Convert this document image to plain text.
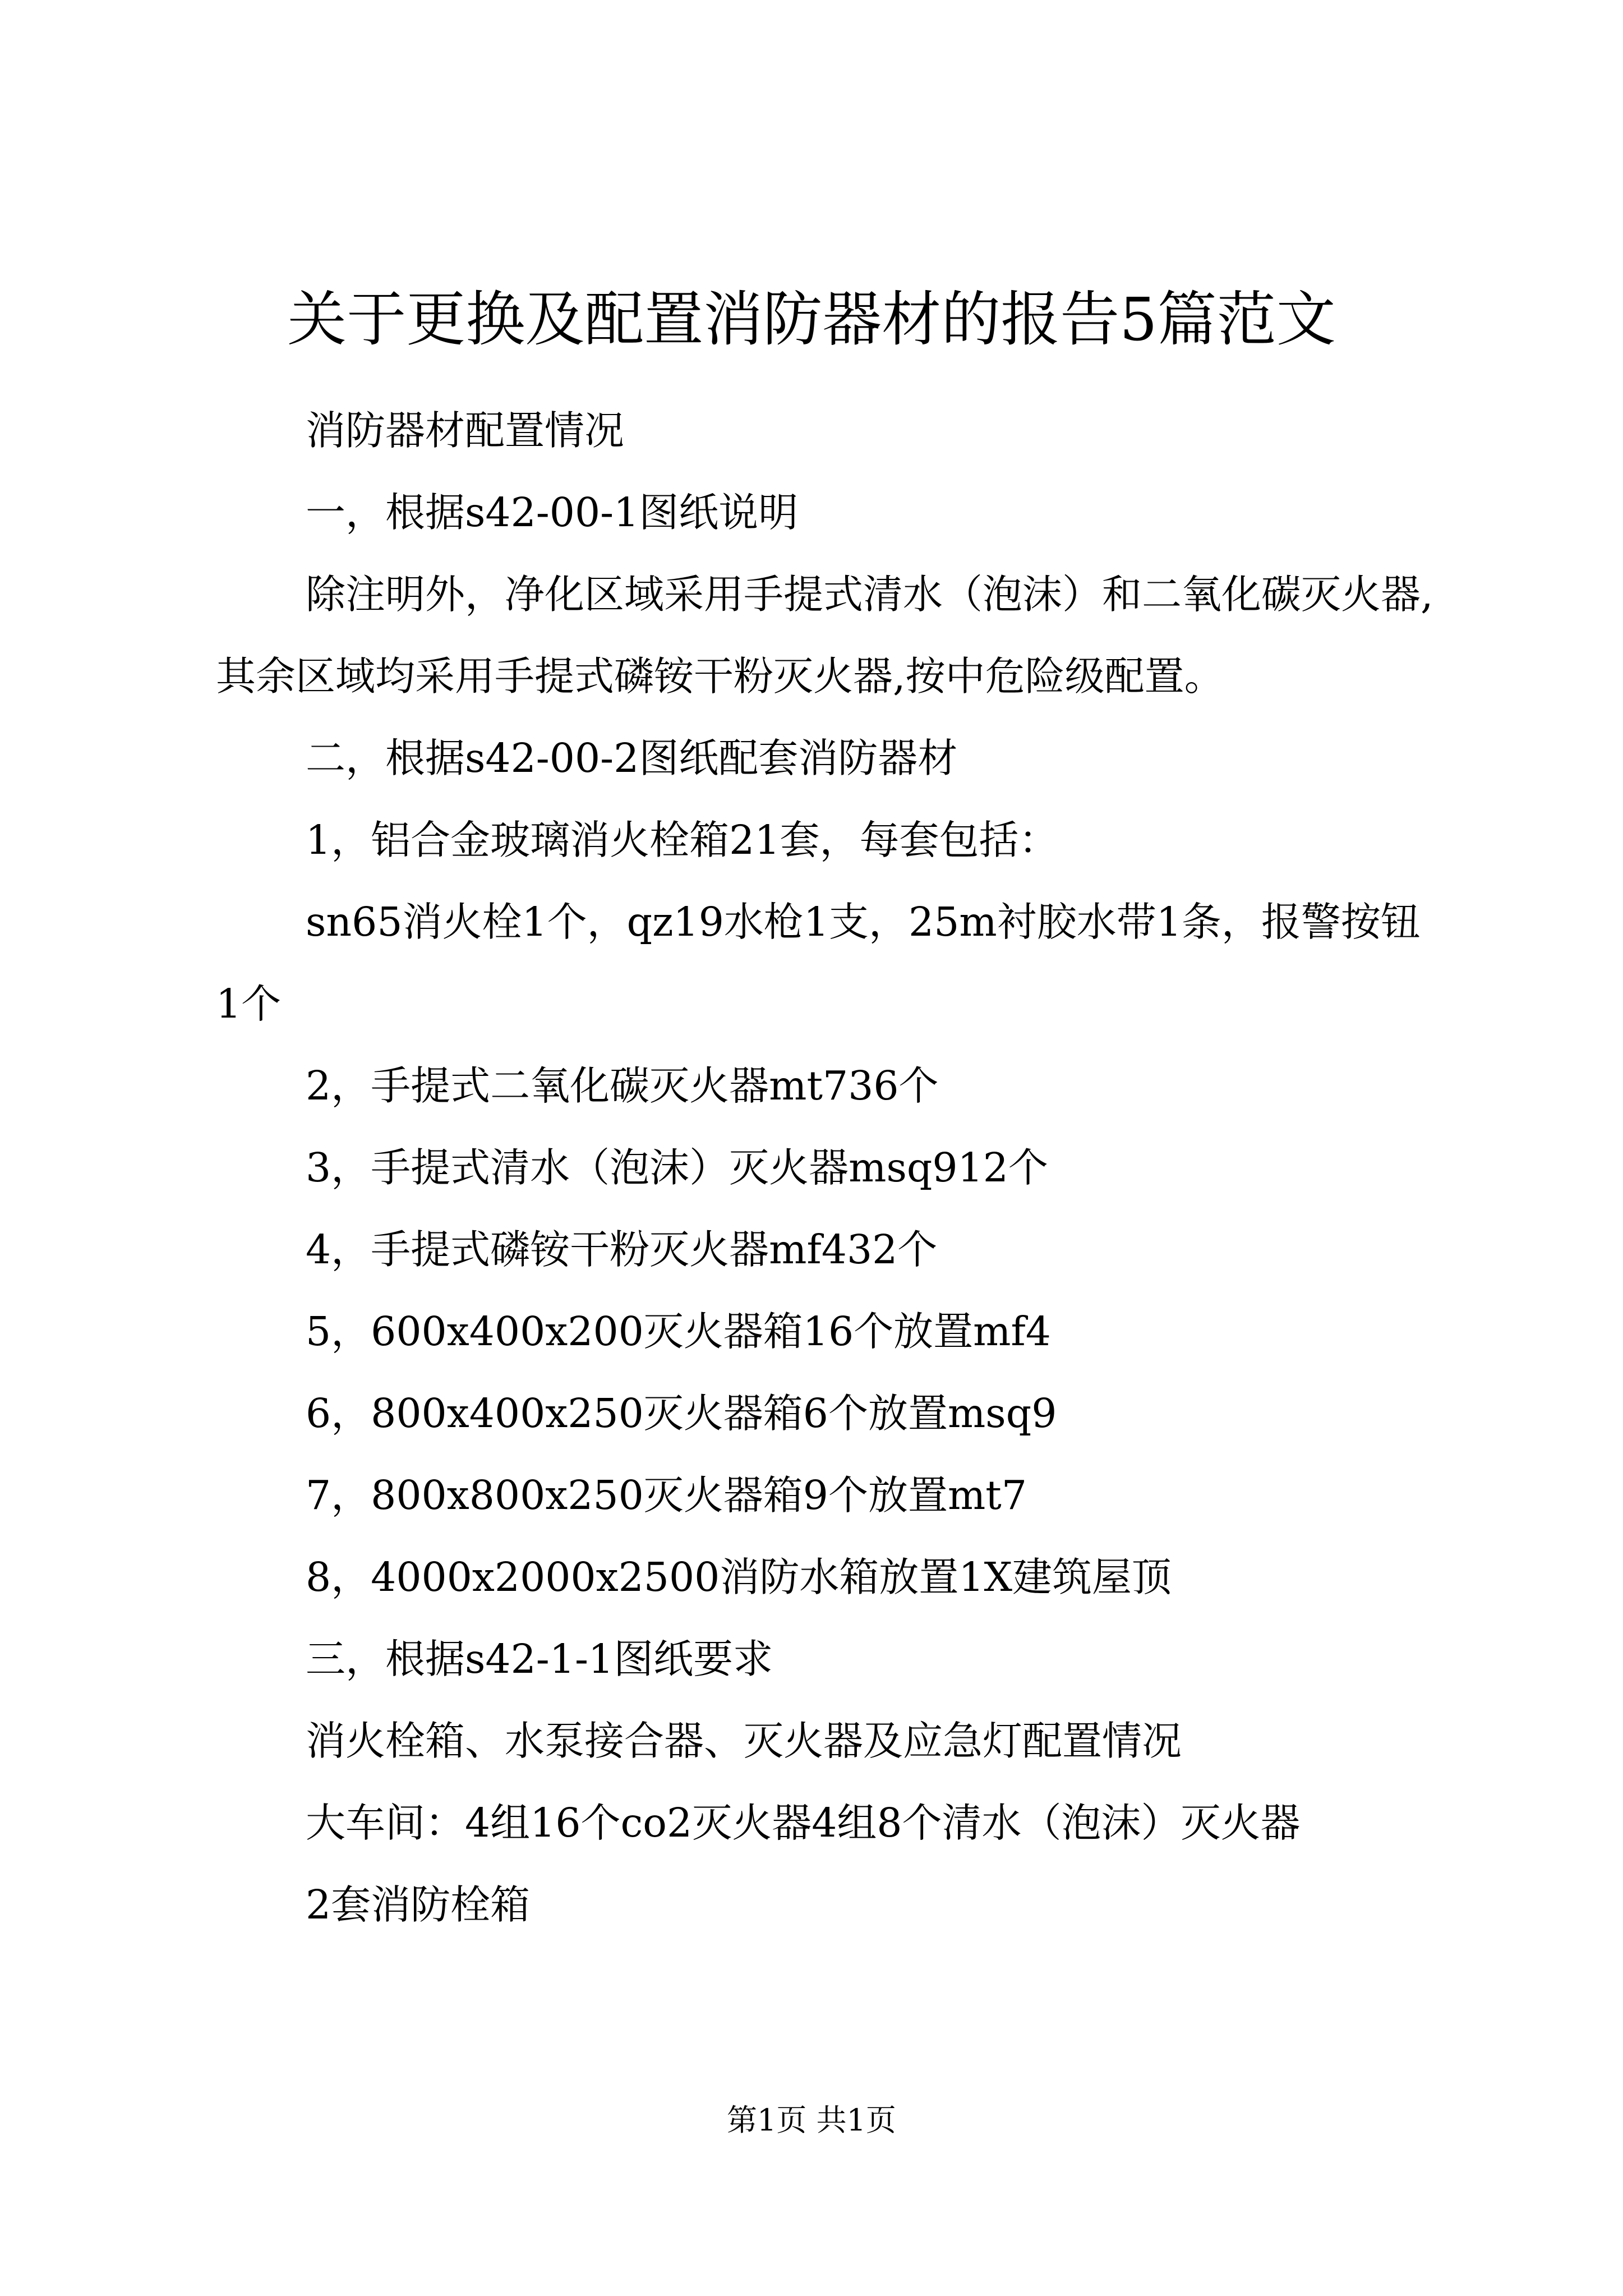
关于更换及配置消防器材的报告5篇范文

消防器材配置情况

一，根据s42-00-1图纸说明

除注明外，净化区域采用手提式清水（泡沫）和二氧化碳灭火器,其余区域均采用手提式磷铵干粉灭火器,按中危险级配置。

二，根据s42-00-2图纸配套消防器材

1，铝合金玻璃消火栓箱21套，每套包括：

sn65消火栓1个，qz19水枪1支，25m衬胶水带1条，报警按钮1个

2，手提式二氧化碳灭火器mt736个

3，手提式清水（泡沫）灭火器msq912个

4，手提式磷铵干粉灭火器mf432个

5，600x400x200灭火器箱16个放置mf4

6，800x400x250灭火器箱6个放置msq9

7，800x800x250灭火器箱9个放置mt7

8，4000x2000x2500消防水箱放置1X建筑屋顶

三，根据s42-1-1图纸要求

消火栓箱、水泵接合器、灭火器及应急灯配置情况

大车间：4组16个co2灭火器4组8个清水（泡沫）灭火器

2套消防栓箱

第1页 共1页
